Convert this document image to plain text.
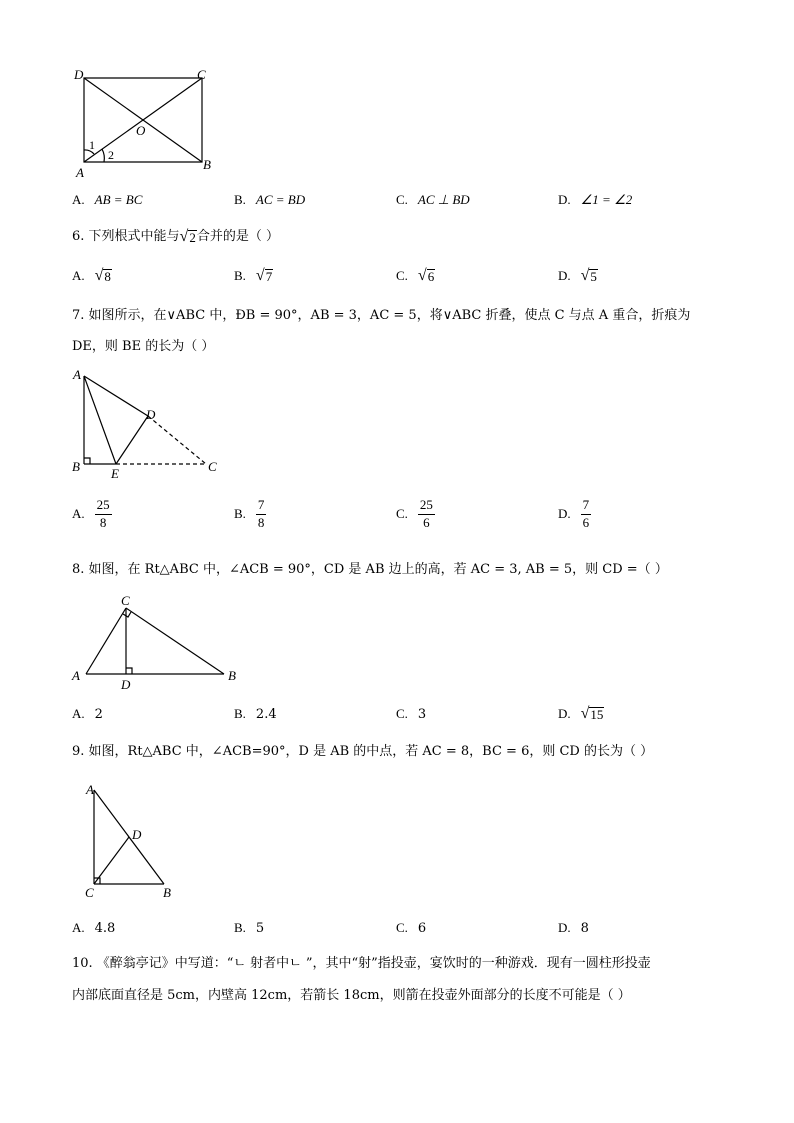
D	C
O
A
B
1
2
A. AB = BC	B. AC = BD	C. AC ⊥ BD	D. ∠1 = ∠2
6. 下列根式中能与 √ 2 合并的是（ ）
A. √ 8	B. √ 7	C. √ 6	D. √ 5
7. 如图所示，在∨ABC 中，ÐB = 90°，AB = 3，AC = 5，将∨ABC 折叠，使点 C 与点 A 重合，折痕为
DE，则 BE 的长为（ ）
A
D
B E	C
A. $\frac{25}{8}$	B. $\frac{7}{8}$	C. $\frac{25}{6}$	D. $\frac{7}{6}$
8. 如图，在 Rt△ABC 中，∠ACB = 90°，CD 是 AB 边上的高，若 AC = 3, AB = 5，则 CD =（ ）
C
A
D
B
A. 2	B. 2.4	C. 3	D. √ 15
9. 如图，Rt△ABC 中，∠ACB=90°，D 是 AB 的中点，若 AC = 8，BC = 6，则 CD 的长为（ ）
A
D
C	B
A. 4.8	B. 5	C. 6	D. 8
10. 《醉翁亭记》中写道：“ㄴ 射者中ㄴ ”，其中“射”指投壶，宴饮时的一种游戏．现有一圆柱形投壶
内部底面直径是 5cm，内壁高 12cm，若箭长 18cm，则箭在投壶外面部分的长度不可能是（ ）
